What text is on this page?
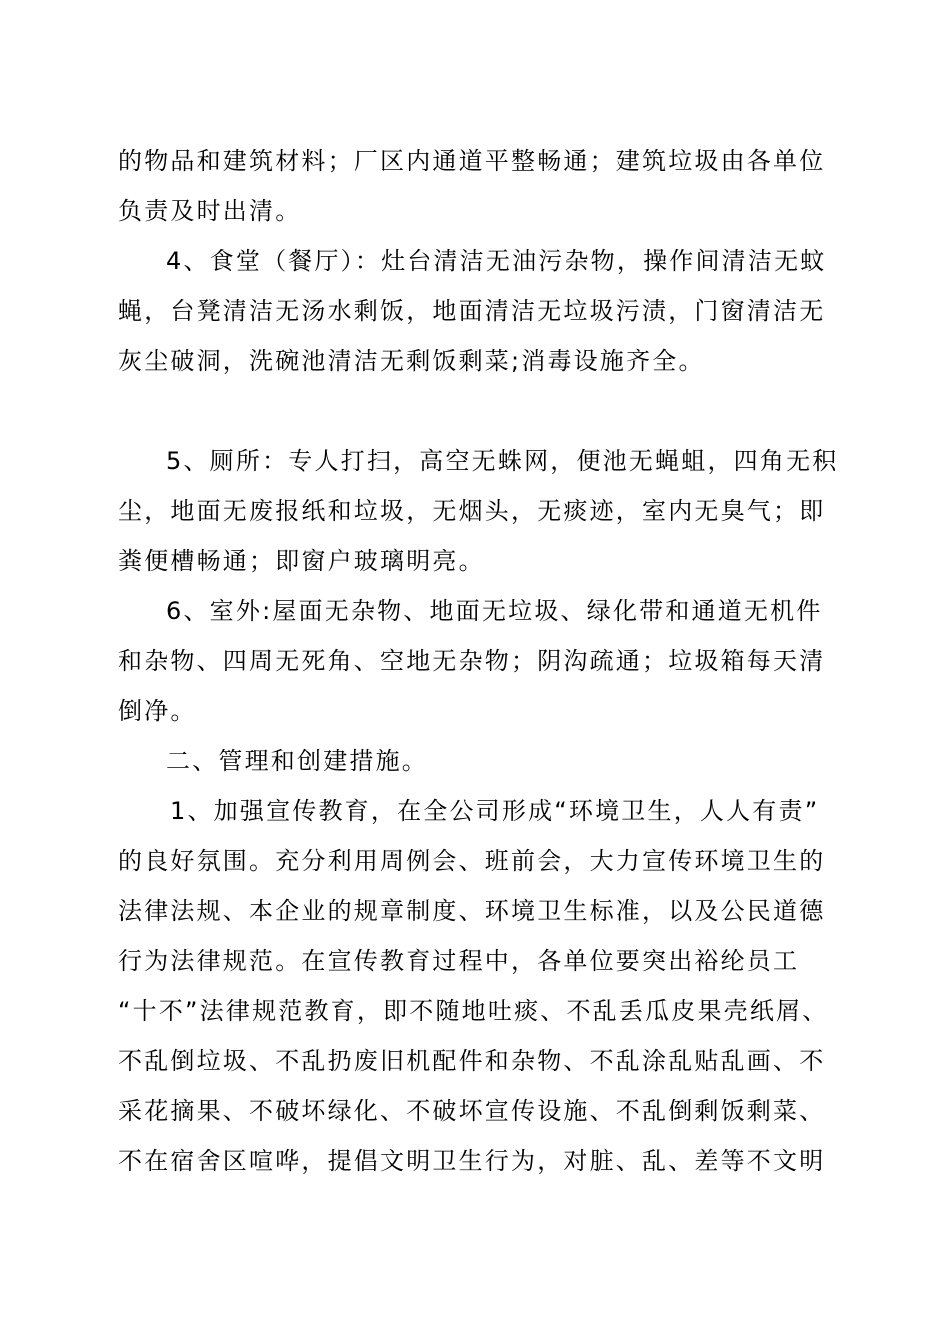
的物品和建筑材料；厂区内通道平整畅通；建筑垃圾由各单位
负责及时出清。
4、食堂（餐厅）：灶台清洁无油污杂物，操作间清洁无蚊
蝇，台凳清洁无汤水剩饭，地面清洁无垃圾污渍，门窗清洁无
灰尘破洞，洗碗池清洁无剩饭剩菜;消毒设施齐全。
5、厕所：专人打扫，高空无蛛网，便池无蝇蛆，四角无积
尘，地面无废报纸和垃圾，无烟头，无痰迹，室内无臭气；即
粪便槽畅通；即窗户玻璃明亮。
6、室外:屋面无杂物、地面无垃圾、绿化带和通道无机件
和杂物、四周无死角、空地无杂物；阴沟疏通；垃圾箱每天清
倒净。
二、管理和创建措施。
1、加强宣传教育，在全公司形成“环境卫生，人人有责”
的良好氛围。充分利用周例会、班前会，大力宣传环境卫生的
法律法规、本企业的规章制度、环境卫生标准，以及公民道德
行为法律规范。在宣传教育过程中，各单位要突出裕纶员工
“十不”法律规范教育，即不随地吐痰、不乱丢瓜皮果壳纸屑、
不乱倒垃圾、不乱扔废旧机配件和杂物、不乱涂乱贴乱画、不
采花摘果、不破坏绿化、不破坏宣传设施、不乱倒剩饭剩菜、
不在宿舍区喧哗，提倡文明卫生行为，对脏、乱、差等不文明
